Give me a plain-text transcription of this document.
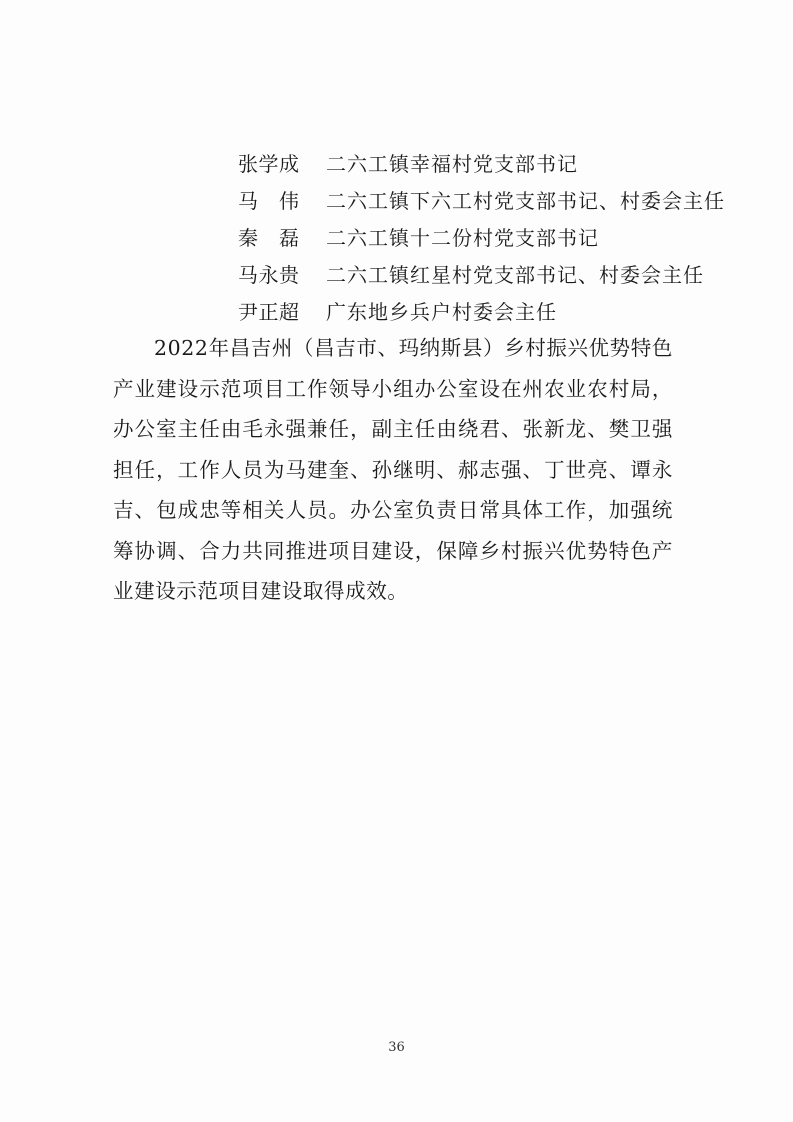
张学成	二六工镇幸福村党支部书记
马　伟	二六工镇下六工村党支部书记、村委会主任
秦　磊	二六工镇十二份村党支部书记
马永贵	二六工镇红星村党支部书记、村委会主任
尹正超	广东地乡兵户村委会主任

2022年昌吉州（昌吉市、玛纳斯县）乡村振兴优势特色产业建设示范项目工作领导小组办公室设在州农业农村局，办公室主任由毛永强兼任，副主任由绕君、张新龙、樊卫强担任，工作人员为马建奎、孙继明、郝志强、丁世亮、谭永吉、包成忠等相关人员。办公室负责日常具体工作，加强统筹协调、合力共同推进项目建设，保障乡村振兴优势特色产业建设示范项目建设取得成效。

36
